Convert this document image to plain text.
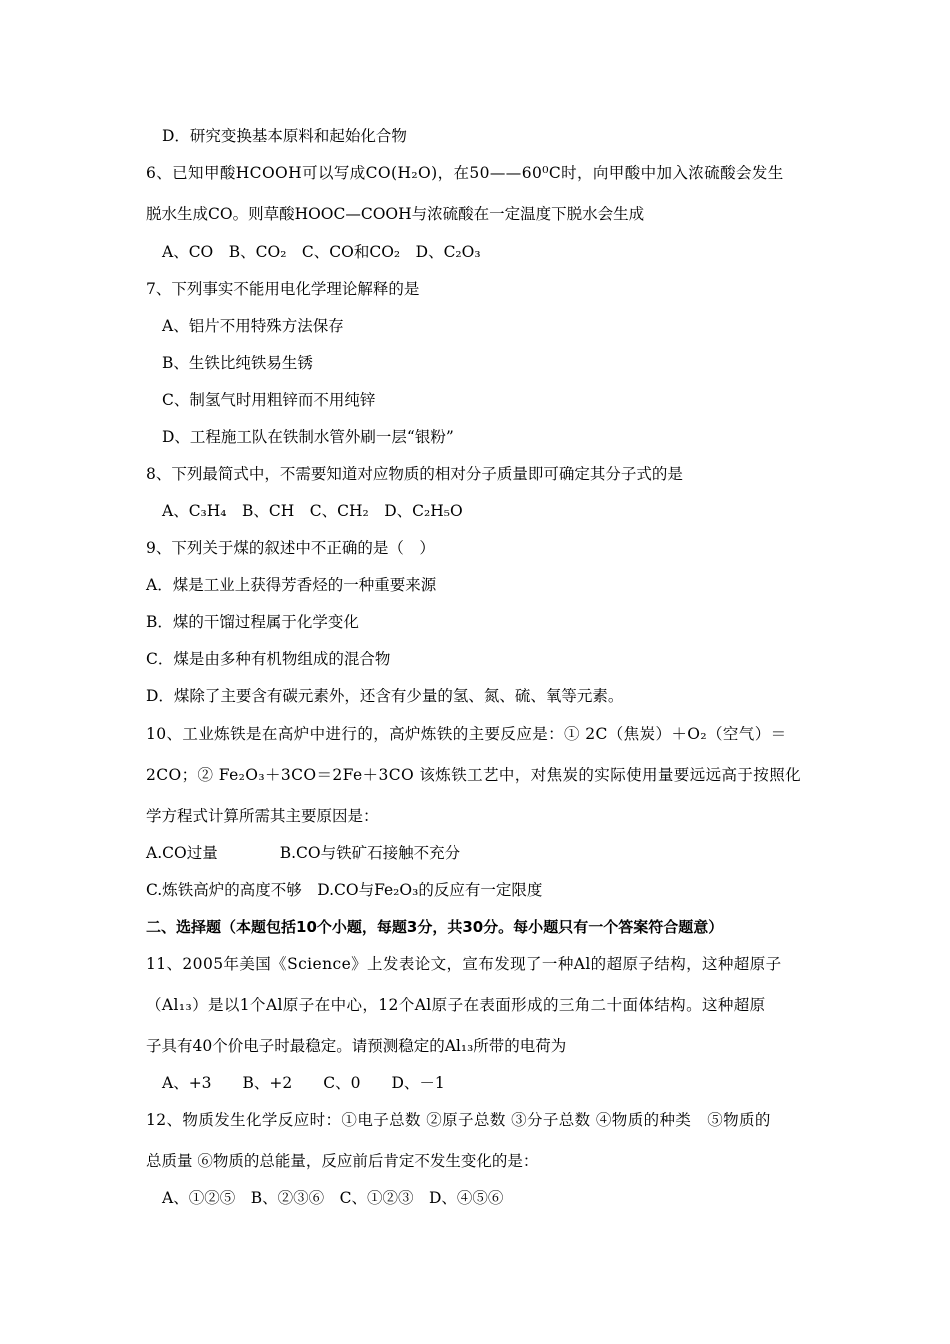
D．研究变换基本原料和起始化合物
6、已知甲酸HCOOH可以写成CO(H₂O)，在50——60⁰C时，向甲酸中加入浓硫酸会发生
脱水生成CO。则草酸HOOC—COOH与浓硫酸在一定温度下脱水会生成
A、CO　B、CO₂　C、CO和CO₂　D、C₂O₃
7、下列事实不能用电化学理论解释的是
A、铝片不用特殊方法保存
B、生铁比纯铁易生锈
C、制氢气时用粗锌而不用纯锌
D、工程施工队在铁制水管外刷一层“银粉”
8、下列最简式中，不需要知道对应物质的相对分子质量即可确定其分子式的是
A、C₃H₄　B、CH　C、CH₂　D、C₂H₅O
9、下列关于煤的叙述中不正确的是（　）
A．煤是工业上获得芳香烃的一种重要来源
B．煤的干馏过程属于化学变化
C．煤是由多种有机物组成的混合物
D．煤除了主要含有碳元素外，还含有少量的氢、氮、硫、氧等元素。
10、工业炼铁是在高炉中进行的，高炉炼铁的主要反应是：① 2C（焦炭）＋O₂（空气）＝
2CO；② Fe₂O₃＋3CO＝2Fe＋3CO 该炼铁工艺中，对焦炭的实际使用量要远远高于按照化
学方程式计算所需其主要原因是：
A.CO过量　　　　B.CO与铁矿石接触不充分
C.炼铁高炉的高度不够　D.CO与Fe₂O₃的反应有一定限度
二、选择题（本题包括10个小题，每题3分，共30分。每小题只有一个答案符合题意）
11、2005年美国《Science》上发表论文，宣布发现了一种Al的超原子结构，这种超原子
（Al₁₃）是以1个Al原子在中心，12个Al原子在表面形成的三角二十面体结构。这种超原
子具有40个价电子时最稳定。请预测稳定的Al₁₃所带的电荷为
A、+3　　B、+2　　C、0　　D、－1
12、物质发生化学反应时：①电子总数 ②原子总数 ③分子总数 ④物质的种类　⑤物质的
总质量 ⑥物质的总能量，反应前后肯定不发生变化的是：
A、①②⑤　B、②③⑥　C、①②③　D、④⑤⑥
